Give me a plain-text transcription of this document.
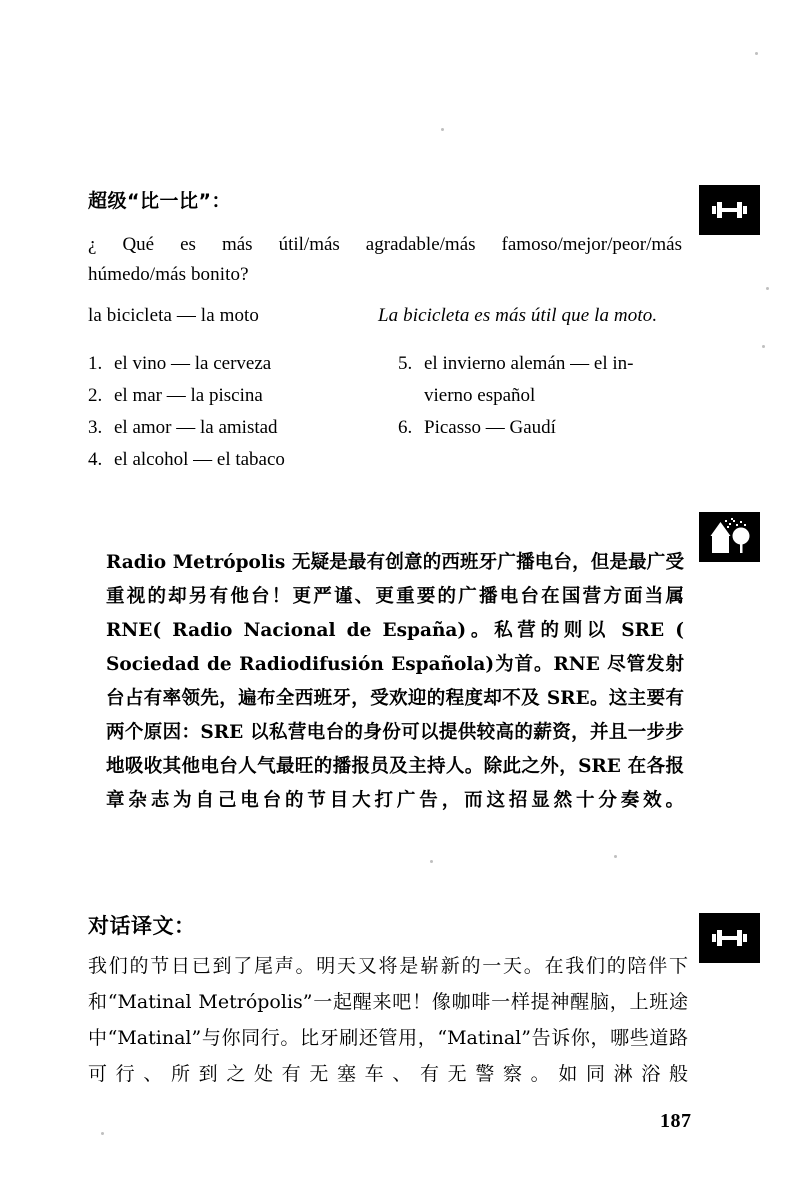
超级“比一比”：
¿ Qué es más útil/más agradable/más famoso/mejor/peor/más
húmedo/más bonito?
la bicicleta — la moto	La bicicleta es más útil que la moto.
1. el vino — la cerveza
2. el mar — la piscina
3. el amor — la amistad
4. el alcohol — el tabaco
5. el invierno alemán — el in-
vierno español
6. Picasso — Gaudí
Radio Metrópolis 无疑是最有创意的西班牙广播电台，但是最广受重视的却另有他台！更严谨、更重要的广播电台在国营方面当属 RNE( Radio Nacional de España)。私营的则以 SRE ( Sociedad de Radiodifusión Española)为首。RNE 尽管发射台占有率领先，遍布全西班牙，受欢迎的程度却不及 SRE。这主要有两个原因：SRE 以私营电台的身份可以提供较高的薪资，并且一步步地吸收其他电台人气最旺的播报员及主持人。除此之外，SRE 在各报章杂志为自己电台的节目大打广告，而这招显然十分奏效。
对话译文：
我们的节日已到了尾声。明天又将是崭新的一天。在我们的陪伴下和“Matinal Metrópolis”一起醒来吧！像咖啡一样提神醒脑，上班途中“Matinal”与你同行。比牙刷还管用，“Matinal”告诉你，哪些道路可行、所到之处有无塞车、有无警察。如同淋浴般
187
